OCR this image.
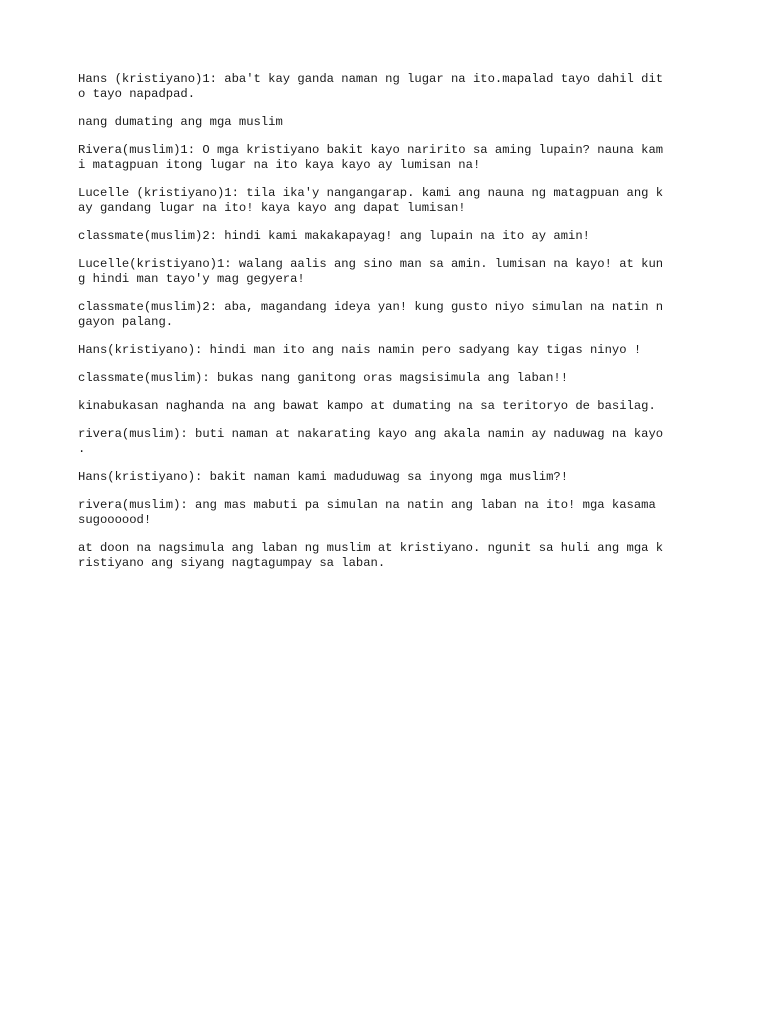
Hans (kristiyano)1: aba't kay ganda naman ng lugar na ito.mapalad tayo dahil dit
o tayo napadpad.
nang dumating ang mga muslim
Rivera(muslim)1: O mga kristiyano bakit kayo naririto sa aming lupain? nauna kam
i matagpuan itong lugar na ito kaya kayo ay lumisan na!
Lucelle (kristiyano)1: tila ika'y nangangarap. kami ang nauna ng matagpuan ang k
ay gandang lugar na ito! kaya kayo ang dapat lumisan!
classmate(muslim)2: hindi kami makakapayag! ang lupain na ito ay amin!
Lucelle(kristiyano)1: walang aalis ang sino man sa amin. lumisan na kayo! at kun
g hindi man tayo'y mag gegyera!
classmate(muslim)2: aba, magandang ideya yan! kung gusto niyo simulan na natin n
gayon palang.
Hans(kristiyano): hindi man ito ang nais namin pero sadyang kay tigas ninyo !
classmate(muslim): bukas nang ganitong oras magsisimula ang laban!!
kinabukasan naghanda na ang bawat kampo at dumating na sa teritoryo de basilag.
rivera(muslim): buti naman at nakarating kayo ang akala namin ay naduwag na kayo
.
Hans(kristiyano): bakit naman kami maduduwag sa inyong mga muslim?!
rivera(muslim): ang mas mabuti pa simulan na natin ang laban na ito! mga kasama
sugoooood!
at doon na nagsimula ang laban ng muslim at kristiyano. ngunit sa huli ang mga k
ristiyano ang siyang nagtagumpay sa laban.
